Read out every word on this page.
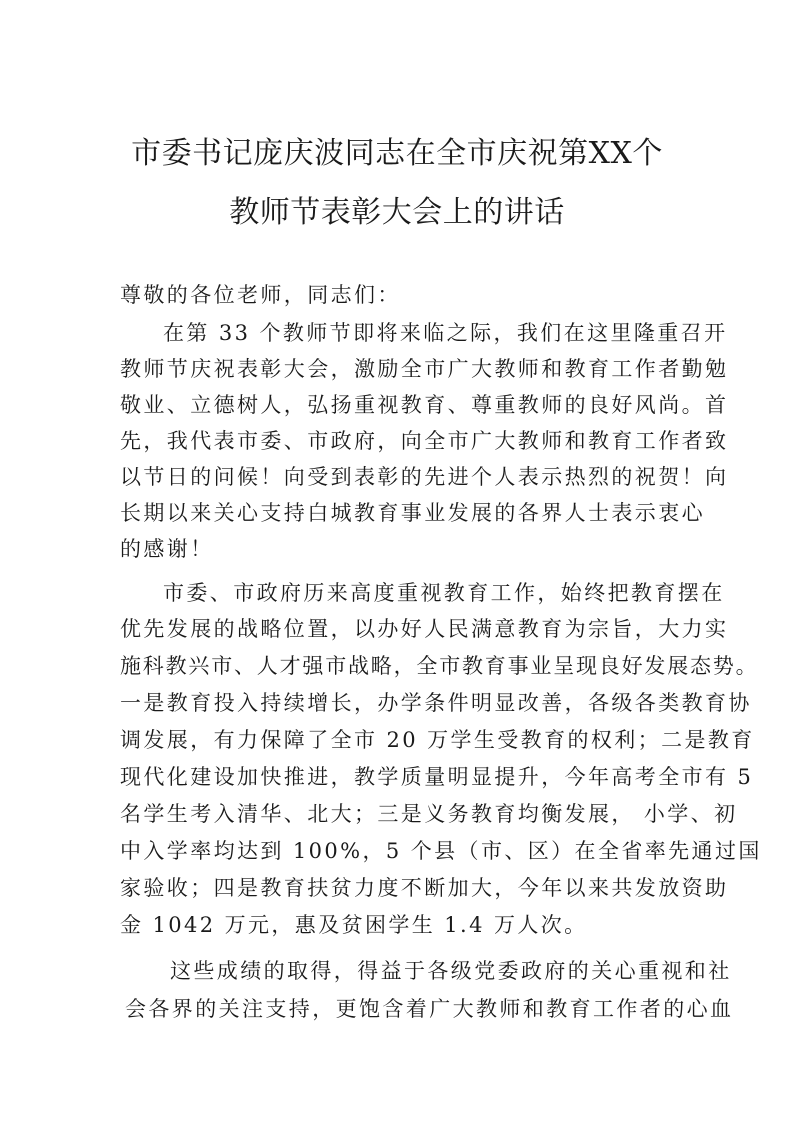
市委书记庞庆波同志在全市庆祝第XX个
教师节表彰大会上的讲话
尊敬的各位老师，同志们：
在第 33 个教师节即将来临之际，我们在这里隆重召开
教师节庆祝表彰大会，激励全市广大教师和教育工作者勤勉
敬业、立德树人，弘扬重视教育、尊重教师的良好风尚。首
先，我代表市委、市政府，向全市广大教师和教育工作者致
以节日的问候！向受到表彰的先进个人表示热烈的祝贺！向
长期以来关心支持白城教育事业发展的各界人士表示衷心
的感谢！
市委、市政府历来高度重视教育工作，始终把教育摆在
优先发展的战略位置，以办好人民满意教育为宗旨，大力实
施科教兴市、人才强市战略，全市教育事业呈现良好发展态势。
一是教育投入持续增长，办学条件明显改善，各级各类教育协
调发展，有力保障了全市 20 万学生受教育的权利；二是教育
现代化建设加快推进，教学质量明显提升，今年高考全市有 5
名学生考入清华、北大；三是义务教育均衡发展， 小学、初
中入学率均达到 100%，5 个县（市、区）在全省率先通过国
家验收；四是教育扶贫力度不断加大，今年以来共发放资助
金 1042 万元，惠及贫困学生 1.4 万人次。
这些成绩的取得，得益于各级党委政府的关心重视和社
会各界的关注支持，更饱含着广大教师和教育工作者的心血
